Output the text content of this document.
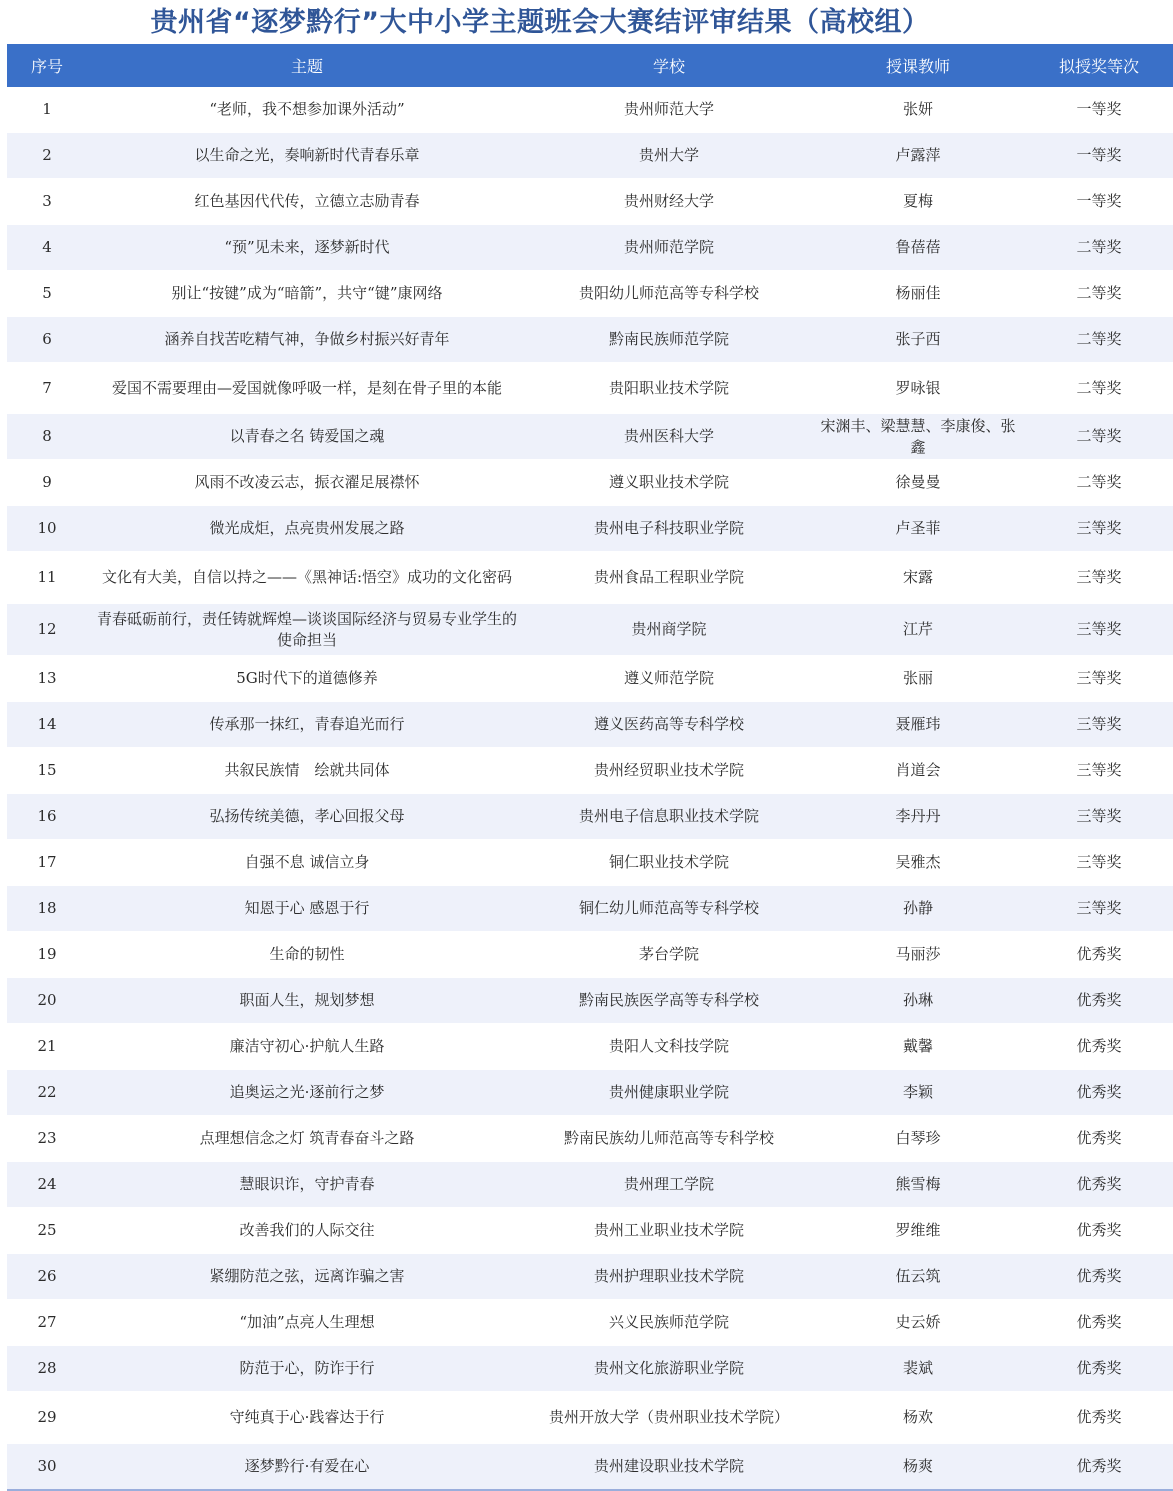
贵州省“逐梦黔行”大中小学主题班会大赛结评审结果（高校组）
序号	主题	学校	授课教师	拟授奖等次
1	“老师，我不想参加课外活动”	贵州师范大学	张妍	一等奖
2	以生命之光，奏响新时代青春乐章	贵州大学	卢露萍	一等奖
3	红色基因代代传，立德立志励青春	贵州财经大学	夏梅	一等奖
4	“预”见未来，逐梦新时代	贵州师范学院	鲁蓓蓓	二等奖
5	别让“按键”成为“暗箭”，共守“键”康网络	贵阳幼儿师范高等专科学校	杨丽佳	二等奖
6	涵养自找苦吃精气神，争做乡村振兴好青年	黔南民族师范学院	张子西	二等奖
7	爱国不需要理由—爱国就像呼吸一样，是刻在骨子里的本能	贵阳职业技术学院	罗咏银	二等奖
8	以青春之名 铸爱国之魂	贵州医科大学	宋渊丰、梁慧慧、李康俊、张鑫	二等奖
9	风雨不改凌云志，振衣濯足展襟怀	遵义职业技术学院	徐曼曼	二等奖
10	微光成炬，点亮贵州发展之路	贵州电子科技职业学院	卢圣菲	三等奖
11	文化有大美，自信以持之——《黑神话:悟空》成功的文化密码	贵州食品工程职业学院	宋露	三等奖
12	青春砥砺前行，责任铸就辉煌—谈谈国际经济与贸易专业学生的使命担当	贵州商学院	江芹	三等奖
13	5G时代下的道德修养	遵义师范学院	张丽	三等奖
14	传承那一抹红，青春追光而行	遵义医药高等专科学校	聂雁玮	三等奖
15	共叙民族情　绘就共同体	贵州经贸职业技术学院	肖道会	三等奖
16	弘扬传统美德，孝心回报父母	贵州电子信息职业技术学院	李丹丹	三等奖
17	自强不息 诚信立身	铜仁职业技术学院	吴雅杰	三等奖
18	知恩于心 感恩于行	铜仁幼儿师范高等专科学校	孙静	三等奖
19	生命的韧性	茅台学院	马丽莎	优秀奖
20	职面人生，规划梦想	黔南民族医学高等专科学校	孙琳	优秀奖
21	廉洁守初心·护航人生路	贵阳人文科技学院	戴馨	优秀奖
22	追奥运之光·逐前行之梦	贵州健康职业学院	李颖	优秀奖
23	点理想信念之灯 筑青春奋斗之路	黔南民族幼儿师范高等专科学校	白琴珍	优秀奖
24	慧眼识诈，守护青春	贵州理工学院	熊雪梅	优秀奖
25	改善我们的人际交往	贵州工业职业技术学院	罗维维	优秀奖
26	紧绷防范之弦，远离诈骗之害	贵州护理职业技术学院	伍云筑	优秀奖
27	“加油”点亮人生理想	兴义民族师范学院	史云娇	优秀奖
28	防范于心，防诈于行	贵州文化旅游职业学院	裴斌	优秀奖
29	守纯真于心·践睿达于行	贵州开放大学（贵州职业技术学院）	杨欢	优秀奖
30	逐梦黔行·有爱在心	贵州建设职业技术学院	杨爽	优秀奖
